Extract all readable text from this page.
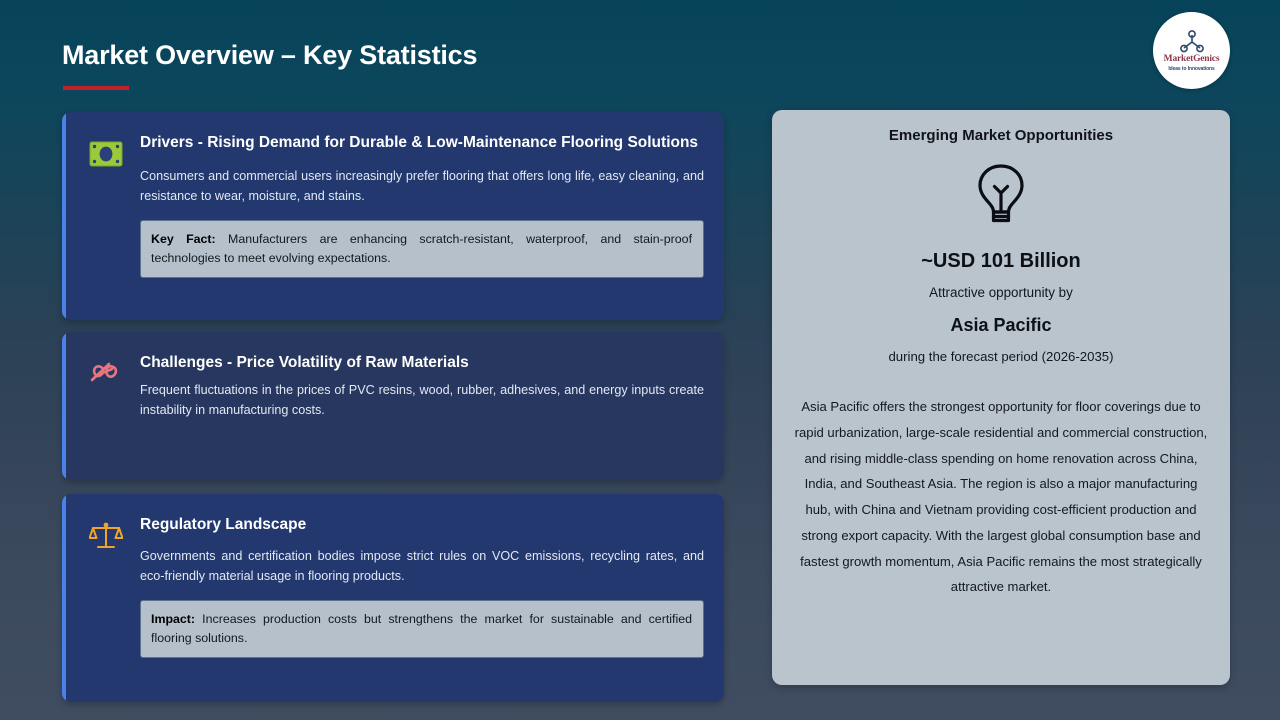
Market Overview – Key Statistics	MarketGenics
Ideas to Innovations
Drivers - Rising Demand for Durable & Low-Maintenance Flooring Solutions
Consumers and commercial users increasingly prefer flooring that offers long life, easy cleaning, and resistance to wear, moisture, and stains.
Key Fact: Manufacturers are enhancing scratch-resistant, waterproof, and stain-proof technologies to meet evolving expectations.
Challenges - Price Volatility of Raw Materials
Frequent fluctuations in the prices of PVC resins, wood, rubber, adhesives, and energy inputs create instability in manufacturing costs.
Regulatory Landscape
Governments and certification bodies impose strict rules on VOC emissions, recycling rates, and eco-friendly material usage in flooring products.
Impact: Increases production costs but strengthens the market for sustainable and certified flooring solutions.
Emerging Market Opportunities
~USD 101 Billion
Attractive opportunity by
Asia Pacific
during the forecast period (2026-2035)
Asia Pacific offers the strongest opportunity for floor coverings due to rapid urbanization, large-scale residential and commercial construction, and rising middle-class spending on home renovation across China, India, and Southeast Asia. The region is also a major manufacturing hub, with China and Vietnam providing cost-efficient production and strong export capacity. With the largest global consumption base and fastest growth momentum, Asia Pacific remains the most strategically attractive market.
